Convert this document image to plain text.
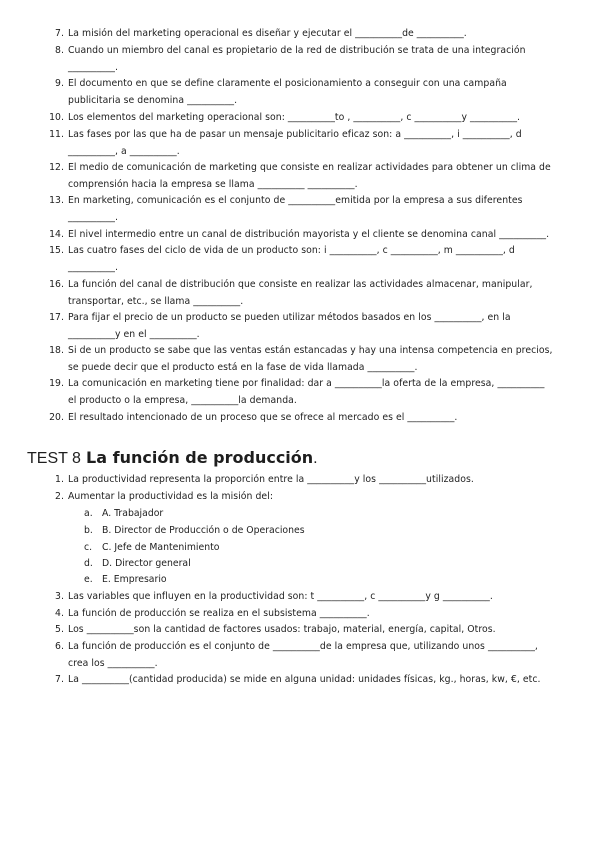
7. La misión del marketing operacional es diseñar y ejecutar el __________de __________.
8. Cuando un miembro del canal es propietario de la red de distribución se trata de una integración
__________.
9. El documento en que se define claramente el posicionamiento a conseguir con una campaña
publicitaria se denomina __________.
10. Los elementos del marketing operacional son: __________to , __________, c __________y __________.
11. Las fases por las que ha de pasar un mensaje publicitario eficaz son: a __________, i __________, d
__________, a __________.
12. El medio de comunicación de marketing que consiste en realizar actividades para obtener un clima de
comprensión hacia la empresa se llama __________ __________.
13. En marketing, comunicación es el conjunto de __________emitida por la empresa a sus diferentes
__________.
14. El nivel intermedio entre un canal de distribución mayorista y el cliente se denomina canal __________.
15. Las cuatro fases del ciclo de vida de un producto son: i __________, c __________, m __________, d
__________.
16. La función del canal de distribución que consiste en realizar las actividades almacenar, manipular,
transportar, etc., se llama __________.
17. Para fijar el precio de un producto se pueden utilizar métodos basados en los __________, en la
__________y en el __________.
18. Si de un producto se sabe que las ventas están estancadas y hay una intensa competencia en precios,
se puede decir que el producto está en la fase de vida llamada __________.
19. La comunicación en marketing tiene por finalidad: dar a __________la oferta de la empresa, __________
el producto o la empresa, __________la demanda.
20. El resultado intencionado de un proceso que se ofrece al mercado es el __________.
TEST 8 La función de producción.
1. La productividad representa la proporción entre la __________y los __________utilizados.
2. Aumentar la productividad es la misión del:
a. A. Trabajador
b. B. Director de Producción o de Operaciones
c. C. Jefe de Mantenimiento
d. D. Director general
e. E. Empresario
3. Las variables que influyen en la productividad son: t __________, c __________y g __________.
4. La función de producción se realiza en el subsistema __________.
5. Los __________son la cantidad de factores usados: trabajo, material, energía, capital, Otros.
6. La función de producción es el conjunto de __________de la empresa que, utilizando unos __________,
crea los __________.
7. La __________(cantidad producida) se mide en alguna unidad: unidades físicas, kg., horas, kw, €, etc.
